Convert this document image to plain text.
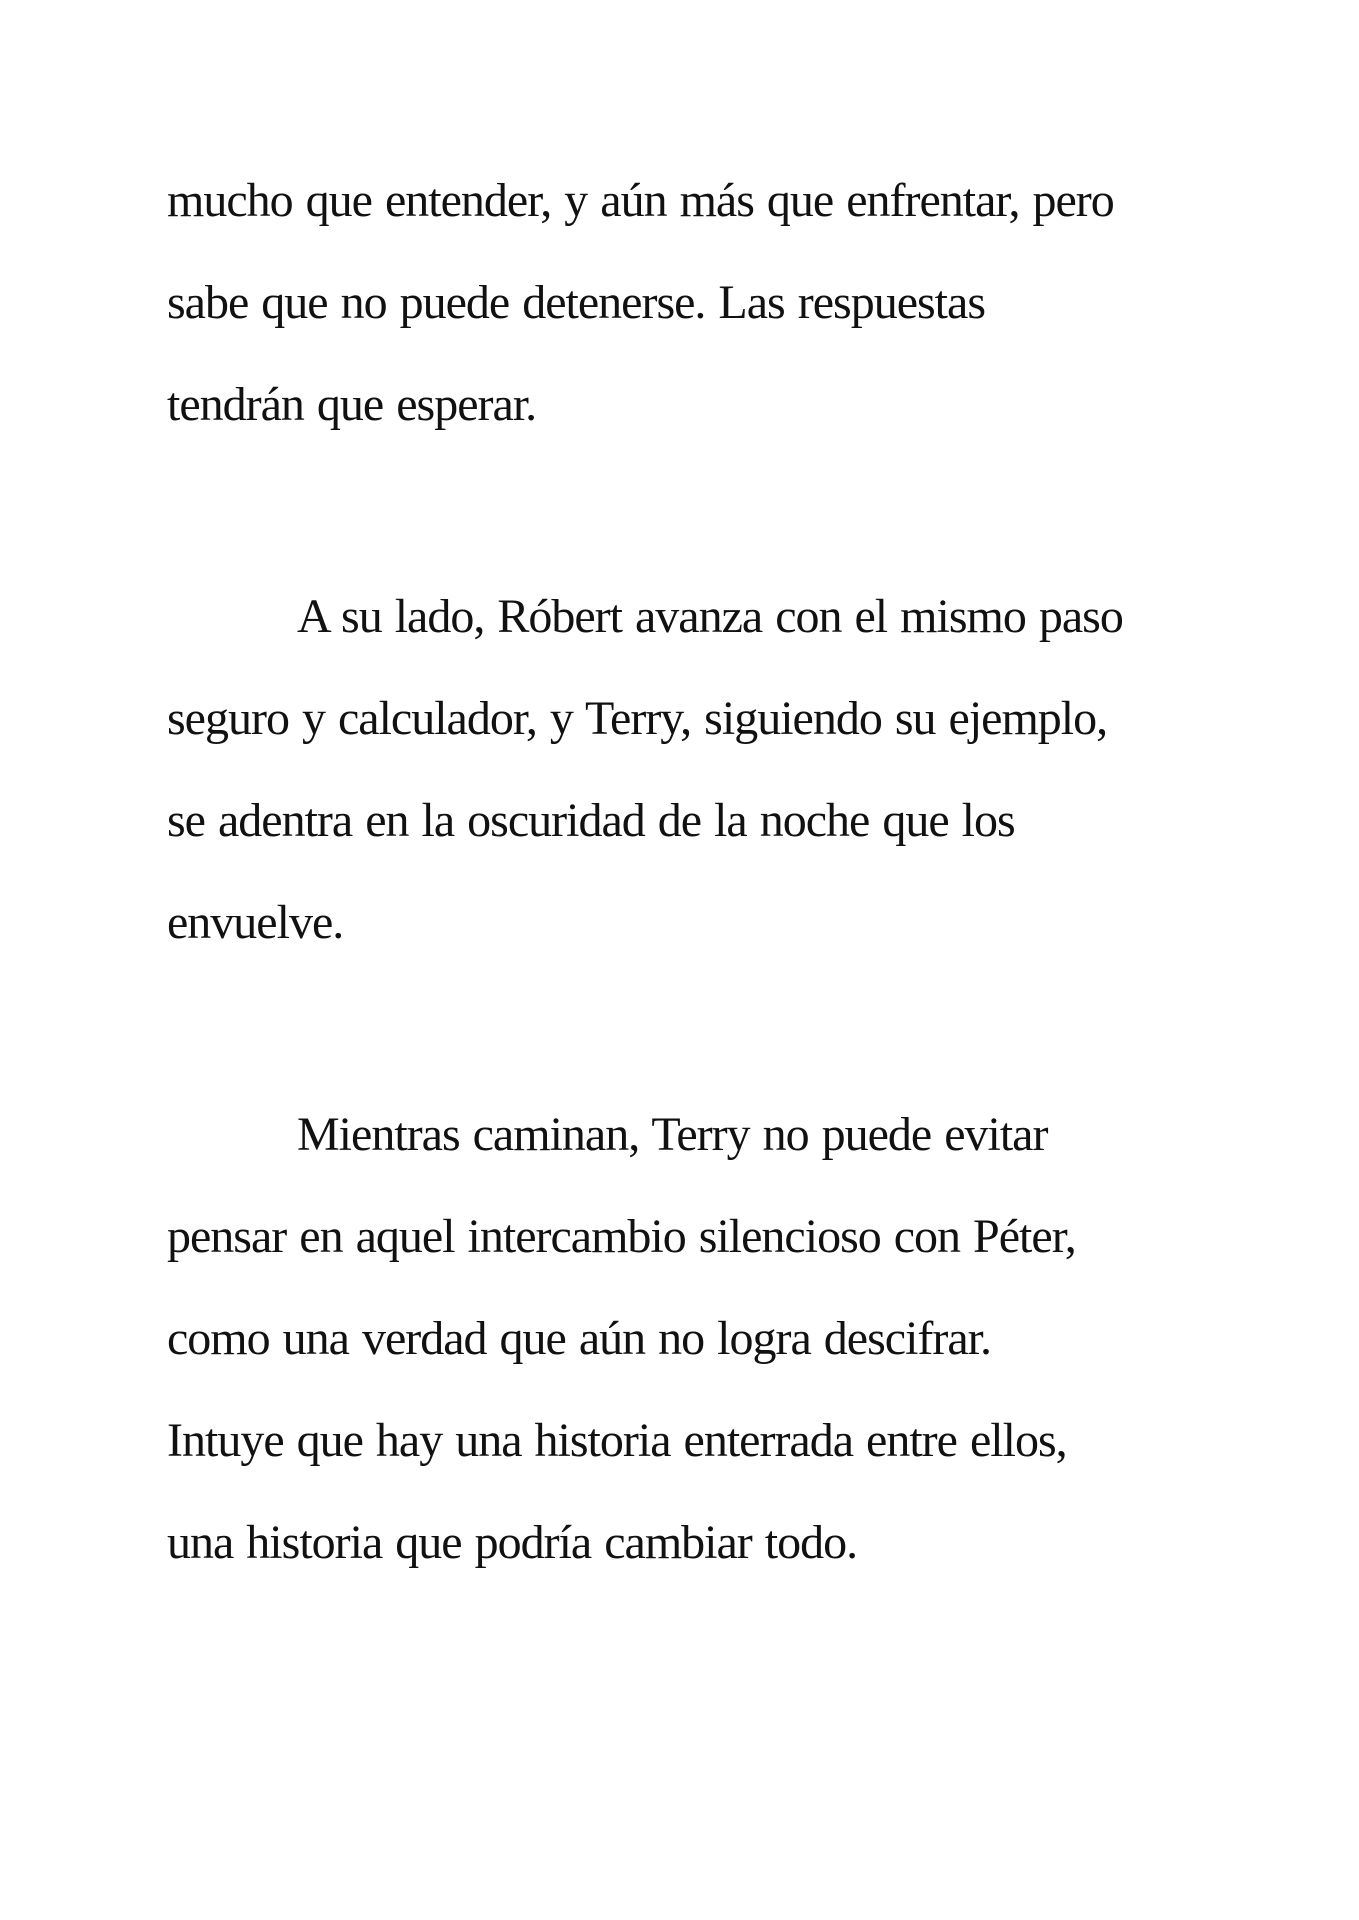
mucho que entender, y aún más que enfrentar, pero
sabe que no puede detenerse. Las respuestas
tendrán que esperar.
A su lado, Róbert avanza con el mismo paso
seguro y calculador, y Terry, siguiendo su ejemplo,
se adentra en la oscuridad de la noche que los
envuelve.
Mientras caminan, Terry no puede evitar
pensar en aquel intercambio silencioso con Péter,
como una verdad que aún no logra descifrar.
Intuye que hay una historia enterrada entre ellos,
una historia que podría cambiar todo.
